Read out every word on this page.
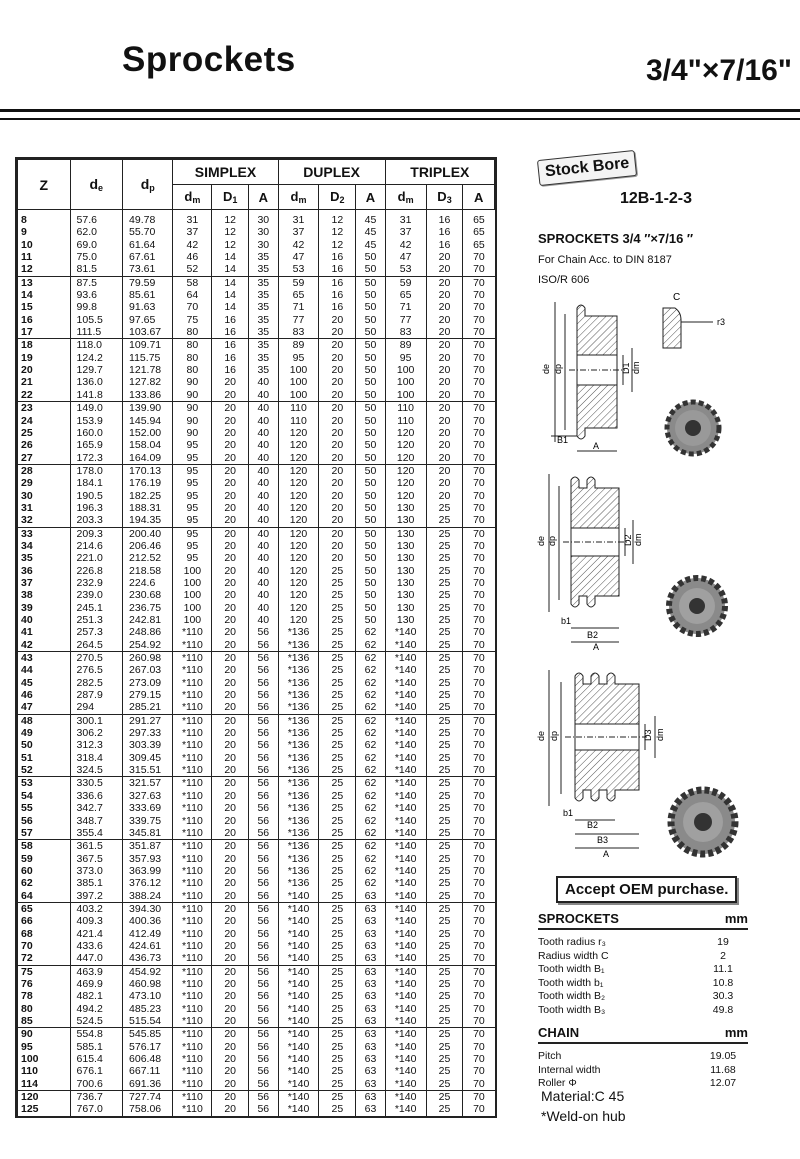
Sprockets	3/4"×7/16"
Z	$d_e$	$d_p$	SIMPLEX			DUPLEX			TRIPLEX		
			$d_m$	$D_1$	A	$d_m$	$D_2$	A	$d_m$	$D_3$	A
8	57.6	49.78	31	12	30	31	12	45	31	16	65
9	62.0	55.70	37	12	30	37	12	45	37	16	65
10	69.0	61.64	42	12	30	42	12	45	42	16	65
11	75.0	67.61	46	14	35	47	16	50	47	20	70
12	81.5	73.61	52	14	35	53	16	50	53	20	70
13	87.5	79.59	58	14	35	59	16	50	59	20	70
14	93.6	85.61	64	14	35	65	16	50	65	20	70
15	99.8	91.63	70	14	35	71	16	50	71	20	70
16	105.5	97.65	75	16	35	77	20	50	77	20	70
17	111.5	103.67	80	16	35	83	20	50	83	20	70
18	118.0	109.71	80	16	35	89	20	50	89	20	70
19	124.2	115.75	80	16	35	95	20	50	95	20	70
20	129.7	121.78	80	16	35	100	20	50	100	20	70
21	136.0	127.82	90	20	40	100	20	50	100	20	70
22	141.8	133.86	90	20	40	100	20	50	100	20	70
23	149.0	139.90	90	20	40	110	20	50	110	20	70
24	153.9	145.94	90	20	40	110	20	50	110	20	70
25	160.0	152.00	90	20	40	120	20	50	120	20	70
26	165.9	158.04	95	20	40	120	20	50	120	20	70
27	172.3	164.09	95	20	40	120	20	50	120	20	70
28	178.0	170.13	95	20	40	120	20	50	120	20	70
29	184.1	176.19	95	20	40	120	20	50	120	20	70
30	190.5	182.25	95	20	40	120	20	50	120	20	70
31	196.3	188.31	95	20	40	120	20	50	130	25	70
32	203.3	194.35	95	20	40	120	20	50	130	25	70
33	209.3	200.40	95	20	40	120	20	50	130	25	70
34	214.6	206.46	95	20	40	120	20	50	130	25	70
35	221.0	212.52	95	20	40	120	20	50	130	25	70
36	226.8	218.58	100	20	40	120	25	50	130	25	70
37	232.9	224.6	100	20	40	120	25	50	130	25	70
38	239.0	230.68	100	20	40	120	25	50	130	25	70
39	245.1	236.75	100	20	40	120	25	50	130	25	70
40	251.3	242.81	100	20	40	120	25	50	130	25	70
41	257.3	248.86	*110	20	56	*136	25	62	*140	25	70
42	264.5	254.92	*110	20	56	*136	25	62	*140	25	70
43	270.5	260.98	*110	20	56	*136	25	62	*140	25	70
44	276.5	267.03	*110	20	56	*136	25	62	*140	25	70
45	282.5	273.09	*110	20	56	*136	25	62	*140	25	70
46	287.9	279.15	*110	20	56	*136	25	62	*140	25	70
47	294	285.21	*110	20	56	*136	25	62	*140	25	70
48	300.1	291.27	*110	20	56	*136	25	62	*140	25	70
49	306.2	297.33	*110	20	56	*136	25	62	*140	25	70
50	312.3	303.39	*110	20	56	*136	25	62	*140	25	70
51	318.4	309.45	*110	20	56	*136	25	62	*140	25	70
52	324.5	315.51	*110	20	56	*136	25	62	*140	25	70
53	330.5	321.57	*110	20	56	*136	25	62	*140	25	70
54	336.6	327.63	*110	20	56	*136	25	62	*140	25	70
55	342.7	333.69	*110	20	56	*136	25	62	*140	25	70
56	348.7	339.75	*110	20	56	*136	25	62	*140	25	70
57	355.4	345.81	*110	20	56	*136	25	62	*140	25	70
58	361.5	351.87	*110	20	56	*136	25	62	*140	25	70
59	367.5	357.93	*110	20	56	*136	25	62	*140	25	70
60	373.0	363.99	*110	20	56	*136	25	62	*140	25	70
62	385.1	376.12	*110	20	56	*136	25	62	*140	25	70
64	397.2	388.24	*110	20	56	*140	25	63	*140	25	70
65	403.2	394.30	*110	20	56	*140	25	63	*140	25	70
66	409.3	400.36	*110	20	56	*140	25	63	*140	25	70
68	421.4	412.49	*110	20	56	*140	25	63	*140	25	70
70	433.6	424.61	*110	20	56	*140	25	63	*140	25	70
72	447.0	436.73	*110	20	56	*140	25	63	*140	25	70
75	463.9	454.92	*110	20	56	*140	25	63	*140	25	70
76	469.9	460.98	*110	20	56	*140	25	63	*140	25	70
78	482.1	473.10	*110	20	56	*140	25	63	*140	25	70
80	494.2	485.23	*110	20	56	*140	25	63	*140	25	70
85	524.5	515.54	*110	20	56	*140	25	63	*140	25	70
90	554.8	545.85	*110	20	56	*140	25	63	*140	25	70
95	585.1	576.17	*110	20	56	*140	25	63	*140	25	70
100	615.4	606.48	*110	20	56	*140	25	63	*140	25	70
110	676.1	667.11	*110	20	56	*140	25	63	*140	25	70
114	700.6	691.36	*110	20	56	*140	25	63	*140	25	70
120	736.7	727.74	*110	20	56	*140	25	63	*140	25	70
125	767.0	758.06	*110	20	56	*140	25	63	*140	25	70
Stock Bore
12B-1-2-3
SPROCKETS 3/4 ″×7/16 ″
For Chain Acc. to DIN 8187
ISO/R 606
de dp	D1 dm
B1
A
C
r3
de dp	D2 dm
b1
B2
A
de dp	D3 dm
b1
B2
B3
A
Accept OEM purchase.
SPROCKETS	mm
Tooth radius r₃	19
Radius width C	2
Tooth width B₁	11.1
Tooth width b₁	10.8
Tooth width B₂	30.3
Tooth width B₃	49.8
CHAIN	mm
Pitch	19.05
Internal width	11.68
Roller Φ	12.07
Material:C 45
*Weld-on hub
